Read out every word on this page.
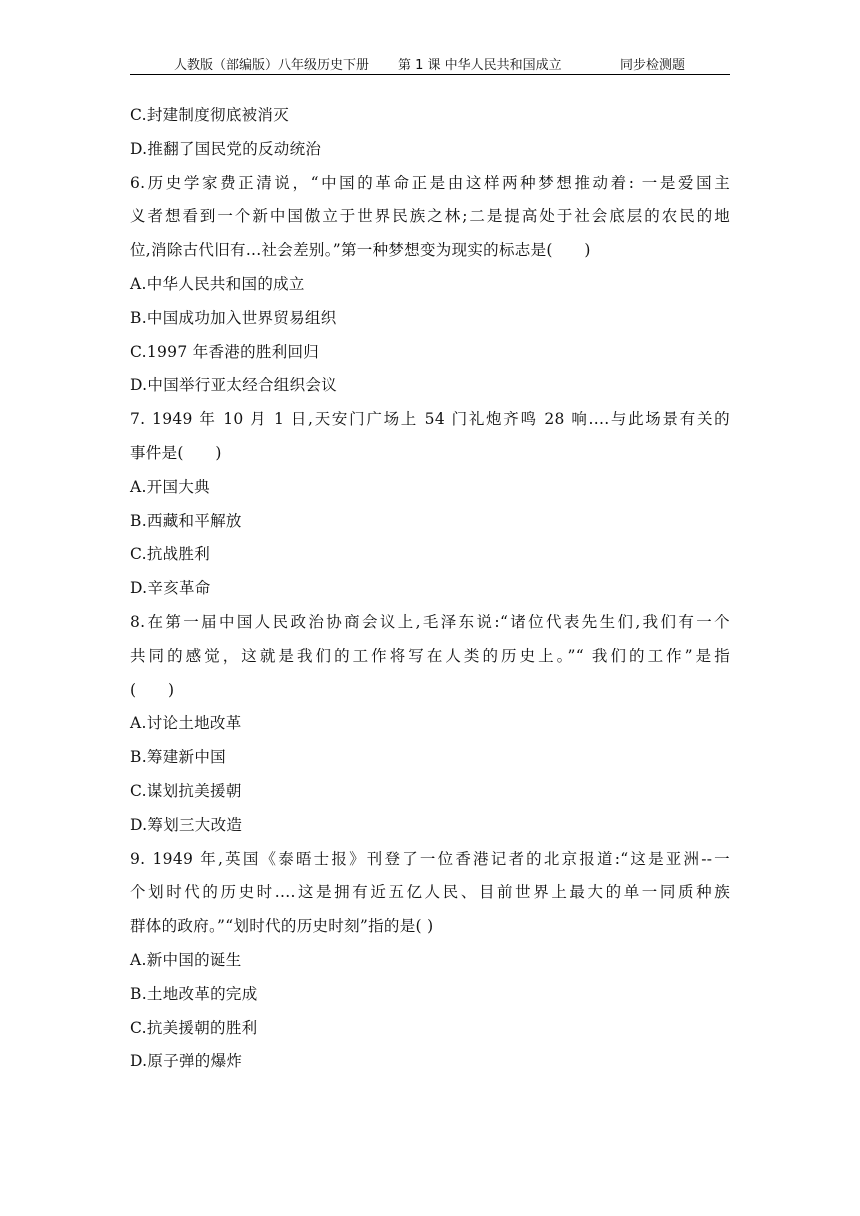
人教版（部编版）八年级历史下册 第 1 课 中华人民共和国成立	同步检测题
C.封建制度彻底被消灭
D.推翻了国民党的反动统治
6.历史学家费正清说，“中国的革命正是由这样两种梦想推动着: 一是爱国主
义者想看到一个新中国傲立于世界民族之林;二是提高处于社会底层的农民的地
位,消除古代旧有...社会差别。”第一种梦想变为现实的标志是(　　)
A.中华人民共和国的成立
B.中国成功加入世界贸易组织
C.1997 年香港的胜利回归
D.中国举行亚太经合组织会议
7. 1949 年 10 月 1 日,天安门广场上 54 门礼炮齐鸣 28 响....与此场景有关的
事件是(　　)
A.开国大典
B.西藏和平解放
C.抗战胜利
D.辛亥革命
8.在第一届中国人民政治协商会议上,毛泽东说:“诸位代表先生们,我们有一个
共同的感觉，这就是我们的工作将写在人类的历史上。”“ 我们的工作”是指
(　　)
A.讨论土地改革
B.筹建新中国
C.谋划抗美援朝
D.筹划三大改造
9. 1949 年,英国《泰晤士报》刊登了一位香港记者的北京报道:“这是亚洲--一
个划时代的历史时....这是拥有近五亿人民、目前世界上最大的单一同质种族
群体的政府。”“划时代的历史时刻”指的是( )
A.新中国的诞生
B.土地改革的完成
C.抗美援朝的胜利
D.原子弹的爆炸
